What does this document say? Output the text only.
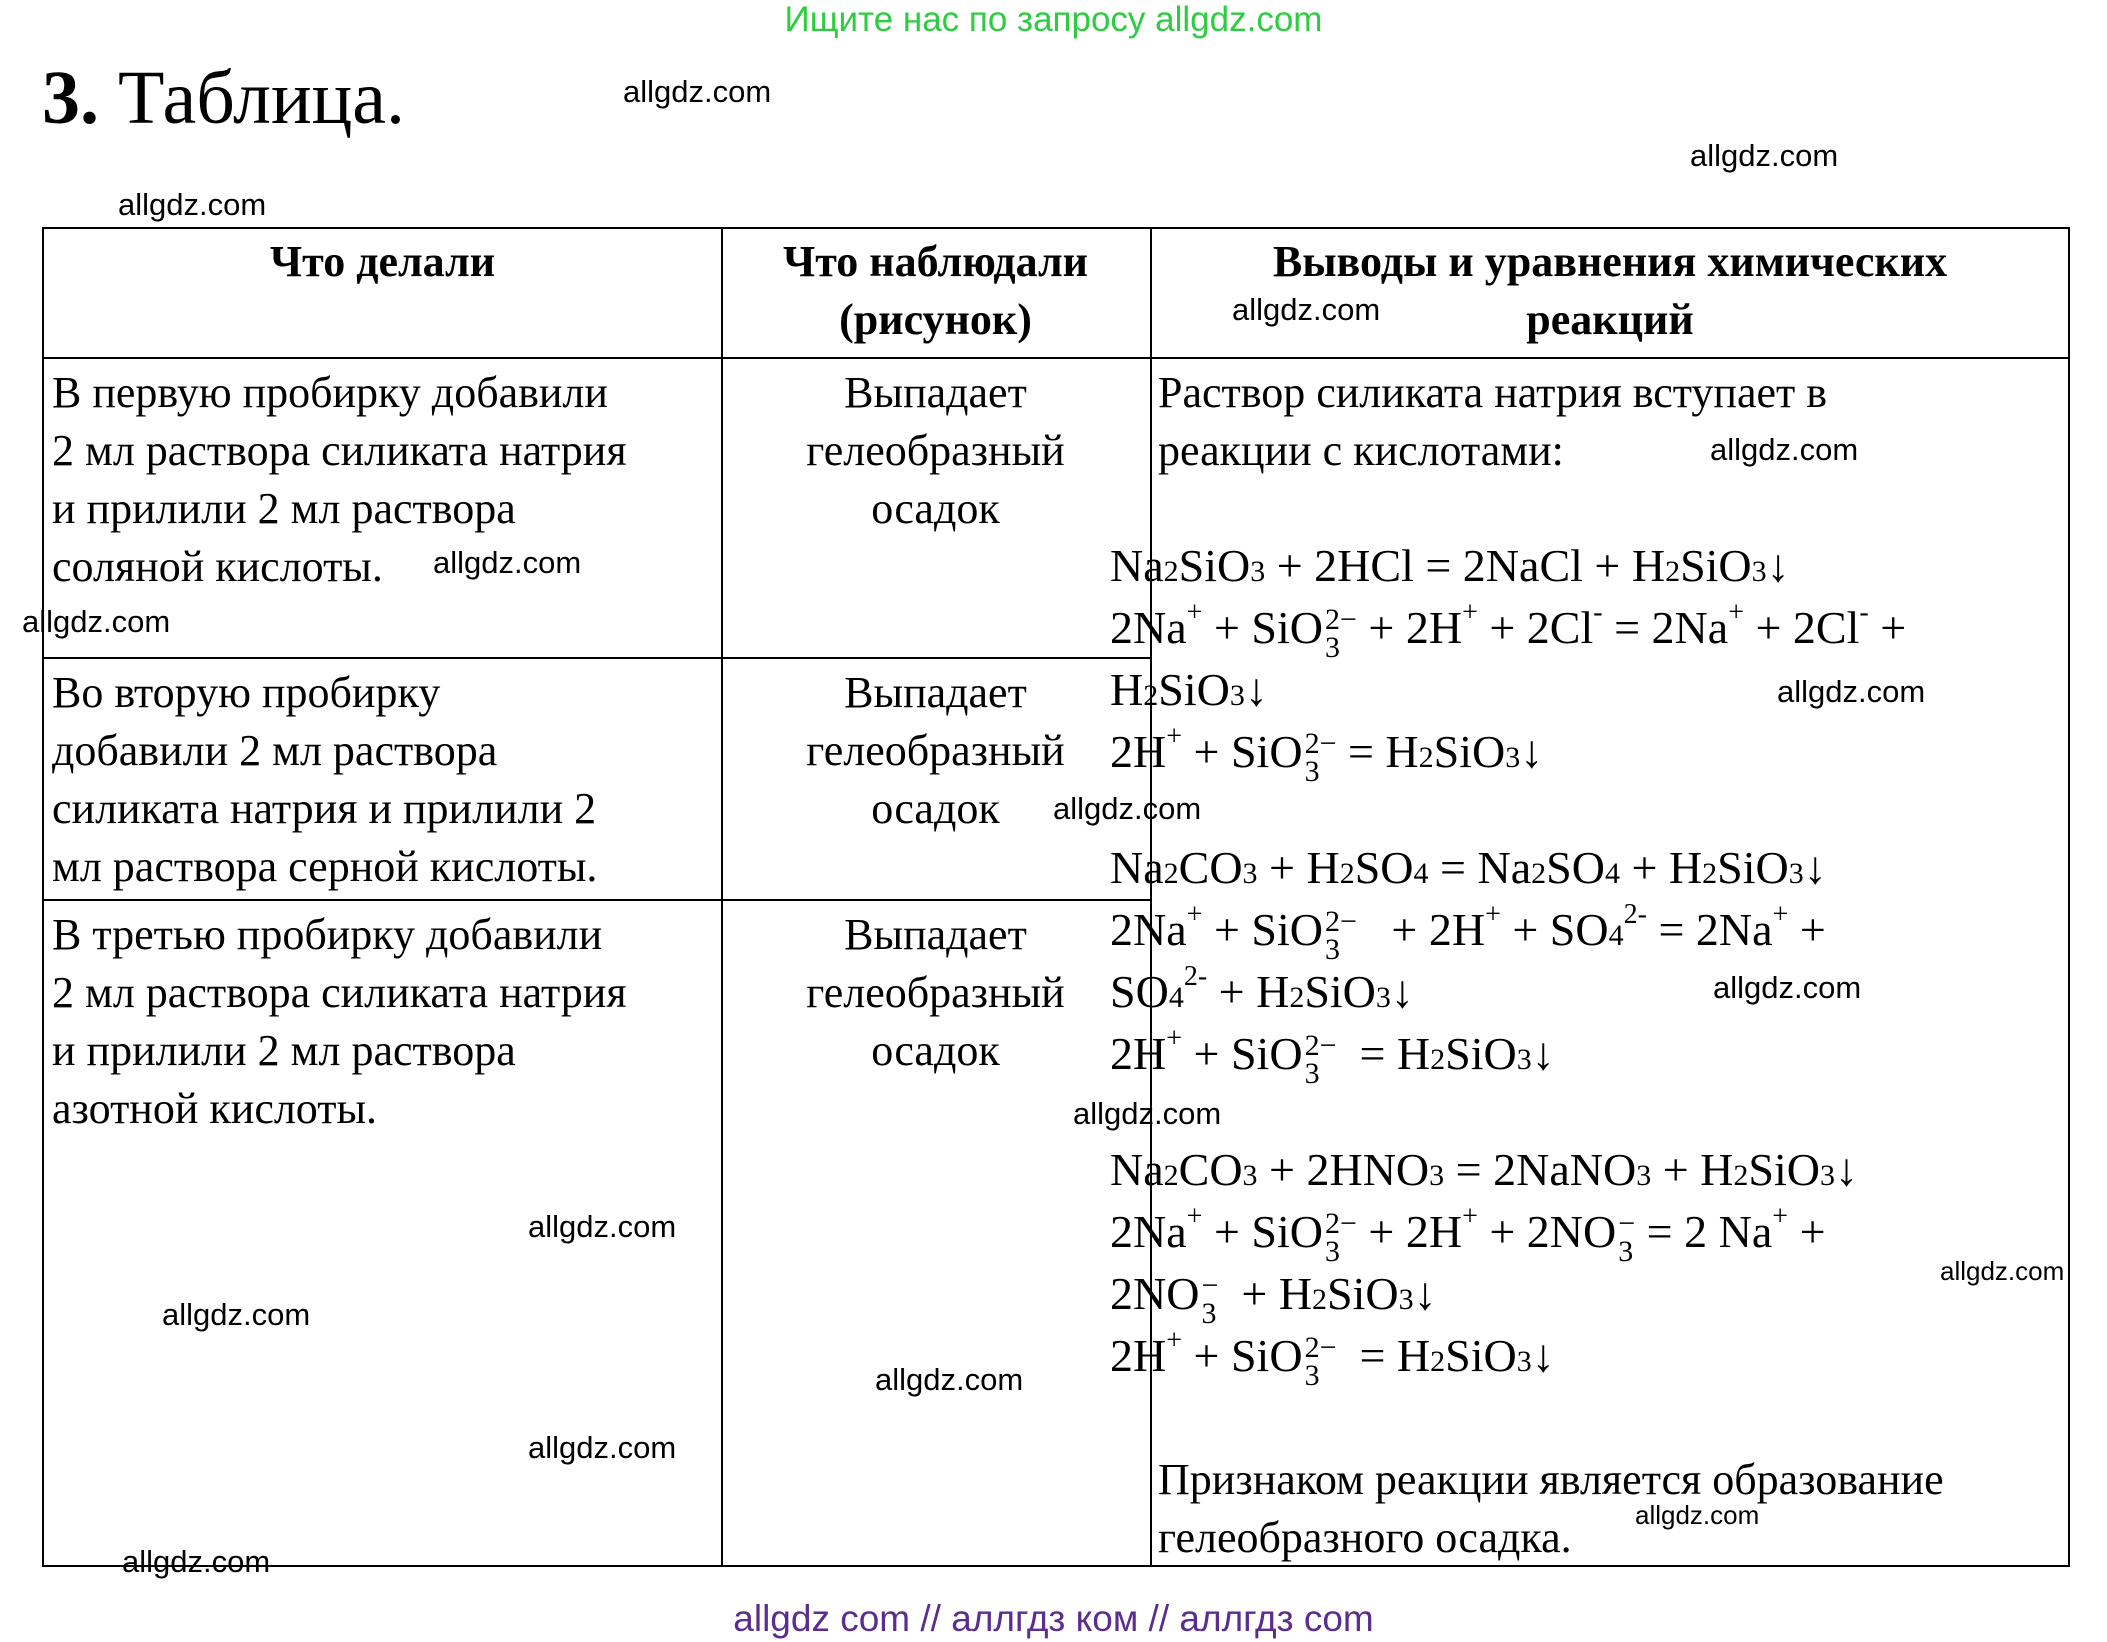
Ищите нас по запросу allgdz.com
3. Таблица.	allgdz.com
allgdz.com
allgdz.com
Что делали	Что наблюдали
(рисунок)
Выводы и уравнения химических
реакций
В первую пробирку добавили
2 мл раствора силиката натрия
и прилили 2 мл раствора
соляной кислоты.
Выпадает
гелеобразный
осадок
Во вторую пробирку
добавили 2 мл раствора
силиката натрия и прилили 2
мл раствора серной кислоты.
Выпадает
гелеобразный
осадок
В третью пробирку добавили
2 мл раствора силиката натрия
и прилили 2 мл раствора
азотной кислоты.
Выпадает
гелеобразный
осадок
Раствор силиката натрия вступает в
реакции с кислотами:
Признаком реакции является образование
гелеобразного осадка.
Na2SiO3 + 2HCl = 2NaCl + H2SiO3↓
2Na+ + SiO 2−
3 + 2H+ + 2Cl- = 2Na+ + 2Cl- +
H2SiO3↓
2H+ + SiO 2−
3 = H2SiO3↓
Na2CO3 + H2SO4 = Na2SO4 + H2SiO3↓
2Na+ + SiO 2−
$3 + 2H^+ + SO4^{2-} = 2Na^+$ +
$SO4^{2-}$ + H2SiO3↓
2H+ + SiO 2−
3 = H2SiO3↓
Na2CO3 + 2HNO3 = 2NaNO3 + H2SiO3↓
2Na+ + SiO 2−
3 + 2H+ + 2NO −
3 = 2 Na+ +
2NO −
3 + H2SiO3↓
2H+ + SiO 2−
3 = H2SiO3↓
allgdz.com
allgdz.com
allgdz.com
allgdz.com
allgdz.com
allgdz.com
allgdz.com
allgdz.com
allgdz.com
allgdz.com
allgdz.com
allgdz.com
allgdz.com
allgdz.com
allgdz.com
allgdz com // аллгдз ком // аллгдз com
